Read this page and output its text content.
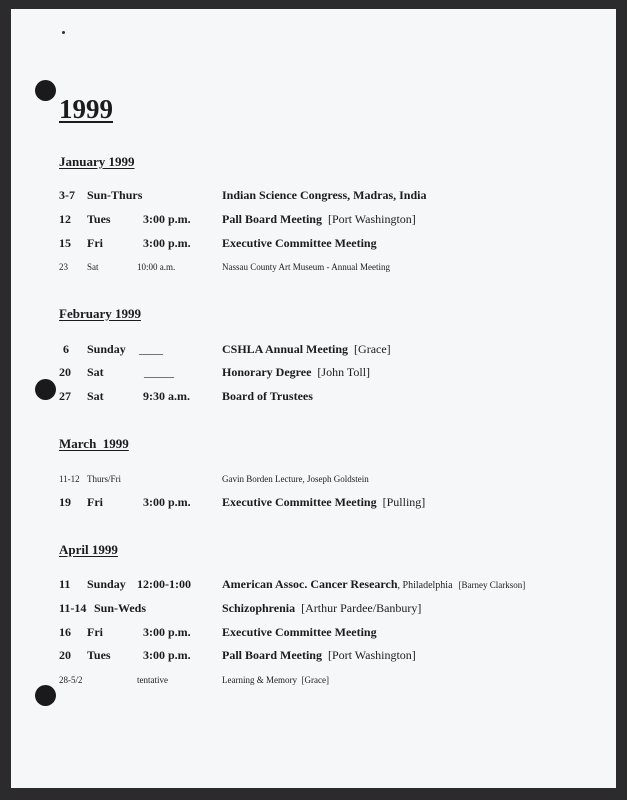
1999
January 1999
3-7 Sun-Thurs	Indian Science Congress, Madras, India
12 Tues	3:00 p.m.	Pall Board Meeting [Port Washington]
15 Fri	3:00 p.m.	Executive Committee Meeting
23 Sat	10:00 a.m.	Nassau County Art Museum - Annual Meeting
February 1999
6 Sunday ____	CSHLA Annual Meeting [Grace]
20 Sat	_____	Honorary Degree [John Toll]
27 Sat	9:30 a.m.	Board of Trustees
March  1999
11-12 Thurs/Fri	Gavin Borden Lecture, Joseph Goldstein
19 Fri	3:00 p.m.	Executive Committee Meeting [Pulling]
April 1999
11 Sunday 12:00-1:00	American Assoc. Cancer Research, Philadelphia [Barney Clarkson]
11-14 Sun-Weds	Schizophrenia [Arthur Pardee/Banbury]
16 Fri	3:00 p.m.	Executive Committee Meeting
20 Tues	3:00 p.m.	Pall Board Meeting [Port Washington]
28-5/2	tentative	Learning & Memory [Grace]
